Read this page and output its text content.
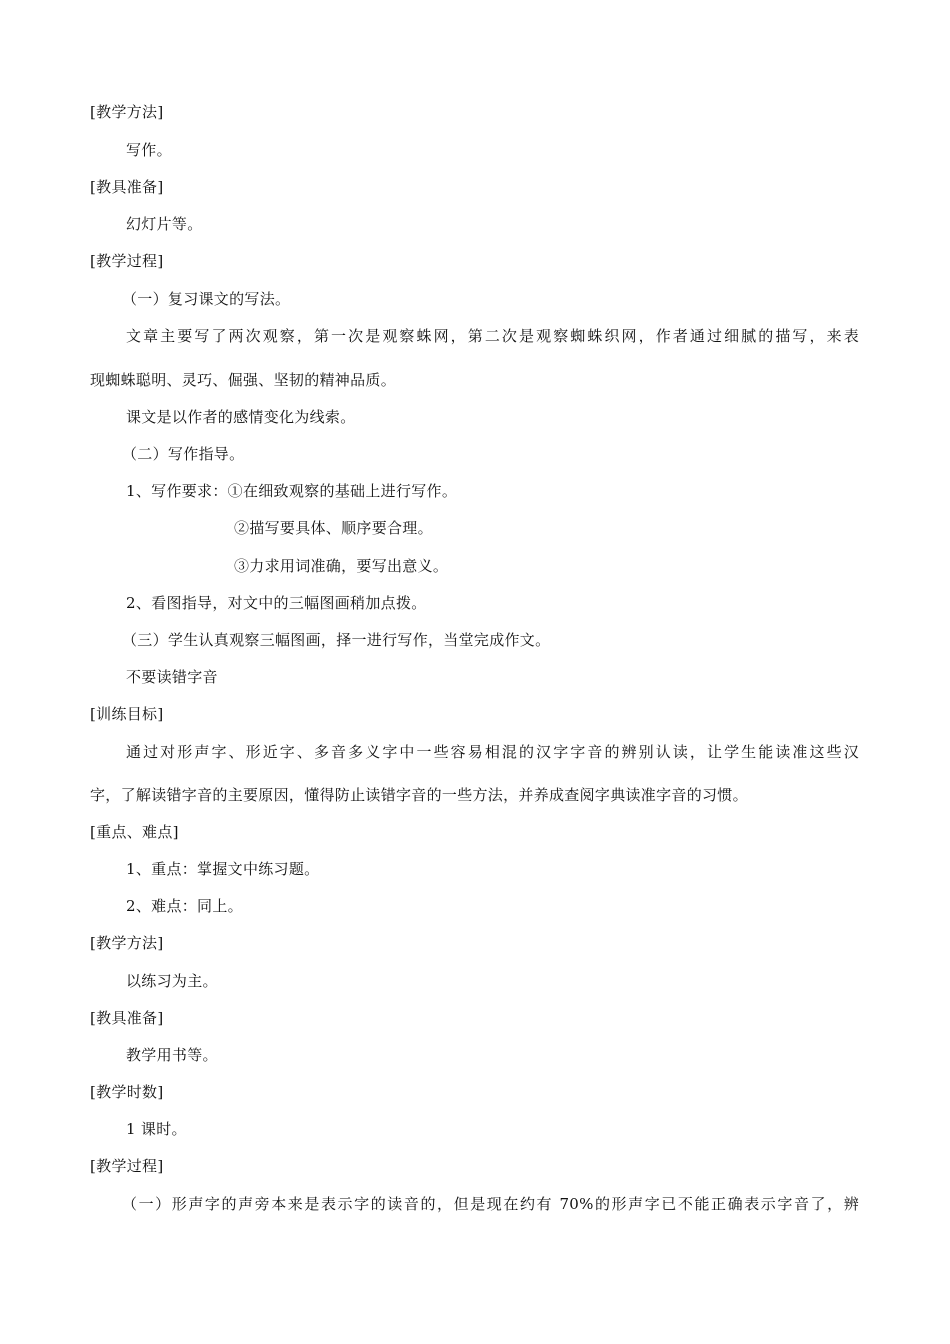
[教学方法]
写作。
[教具准备]
幻灯片等。
[教学过程]
（一）复习课文的写法。
文章主要写了两次观察，第一次是观察蛛网，第二次是观察蜘蛛织网，作者通过细腻的描写，来表
现蜘蛛聪明、灵巧、倔强、坚韧的精神品质。
课文是以作者的感情变化为线索。
（二）写作指导。
1、写作要求：①在细致观察的基础上进行写作。
②描写要具体、顺序要合理。
③力求用词准确，要写出意义。
2、看图指导，对文中的三幅图画稍加点拨。
（三）学生认真观察三幅图画，择一进行写作，当堂完成作文。
不要读错字音
[训练目标]
通过对形声字、形近字、多音多义字中一些容易相混的汉字字音的辨别认读，让学生能读准这些汉
字，了解读错字音的主要原因，懂得防止读错字音的一些方法，并养成查阅字典读准字音的习惯。
[重点、难点]
1、重点：掌握文中练习题。
2、难点：同上。
[教学方法]
以练习为主。
[教具准备]
教学用书等。
[教学时数]
1 课时。
[教学过程]
（一）形声字的声旁本来是表示字的读音的，但是现在约有 70%的形声字已不能正确表示字音了，辨
